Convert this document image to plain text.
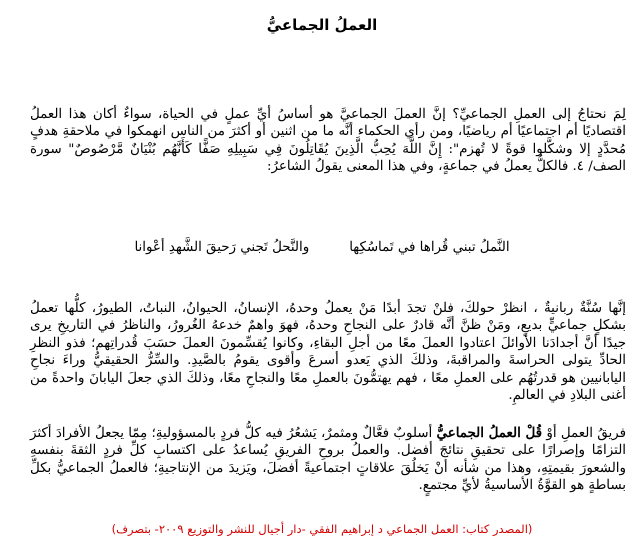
العملُ الجماعيُّ

لِمَ نحتاجُ إلى العملِ الجماعيِّ؟ إنَّ العملَ الجماعيَّ هو أساسُ أيِّ عملٍ في الحياة، سواءٌ أكان هذا العملُ اقتصاديًا أم اجتماعيًا أم رياضيًا، ومن رأي الحكماء أنَّه ما من اثنين أو أكثرَ من الناس انهمكوا في ملاحقةِ هدفٍ مُحدَّدٍ إلا وشكَّلوا قوةً لا تُهزم": إِنَّ اللَّهَ يُحِبُّ الَّذِينَ يُقَاتِلُونَ فِي سَبِيلِهِ صَفًّا كَأَنَّهُم بُنْيَانٌ مَّرْصُوصٌ" سورة الصف/ ٤. فالكلُّ يعملُ في جماعةٍ، وفي هذا المعنى يقولُ الشاعرُ:

النَّملُ تبني قُراها في تَماسُكِهاوالنَّحلُ تَجني رَحيقَ الشَّهدِ أعْوانا

إنَّها سُنَّةٌ ربانيةٌ ، انظرْ حولكَ، فلنْ تجدَ أبدًا مَنْ يعملُ وحدهُ، الإنسانُ، الحيوانُ، النباتُ، الطيورُ، كلُّها تعملُ بشكلٍ جماعيٍّ بديعٍ، ومَنْ ظنَّ أنَّه قادرٌ على النجاحِ وحدهُ، فهوَ واهمٌ خدعهُ الغُرورُ، والناظرُ في التاريخِ يرى جيدًا أنَّ أجدادَنا الأوائلَ اعتادوا العملَ معًا من أجلِ البقاءِ، وكانوا يُقسِّمونَ العملَ حسَبَ قُدراتِهم؛ فذو النظرِ الحادِّ يتولى الحراسةَ والمراقبةَ، وذلكَ الذي يَعدو أسرعَ وأقوى يقومُ بالصَّيدِ. والسِّرُّ الحقيقيُّ وراءَ نجاحِ اليابانيين هو قدرتُهُم على العملِ معًا ، فهم يهتمُّونَ بالعملِ معًا والنجاحِ معًا، وذلكَ الذي جعلَ اليابانَ واحدةً من أغنى البلادِ في العالمِ.

فريقُ العملِ أوْ قُلْ العملُ الجماعيُّ أسلوبٌ فعَّالٌ ومثمرٌ، يَشعُرُ فيه كلُّ فردٍ بالمسؤوليةِ؛ مِمّا يجعلُ الأفرادَ أكثرَ التزامًا وإصرارًا على تحقيقِ نتائجَ أفضل. والعملُ بروحِ الفريقِ يُساعدُ على اكتسابِ كلِّ فردٍ الثقةَ بنفسهِ والشعورَ بقيمتِهِ، وهذا من شأنه أنْ يَخلُقَ علاقاتٍ اجتماعيةً أفضلَ، ويَزيدَ من الإنتاجيةِ؛ فالعملُ الجماعيُّ بكلِّ بساطةٍ هو القوَّةُ الأساسيةُ لأيِّ مجتمعٍ.

(المصدر كتاب: العمل الجماعي د إبراهيم الفقي -دار أجيال للنشر والتوزيع ٢٠٠٩- بتصرف)
